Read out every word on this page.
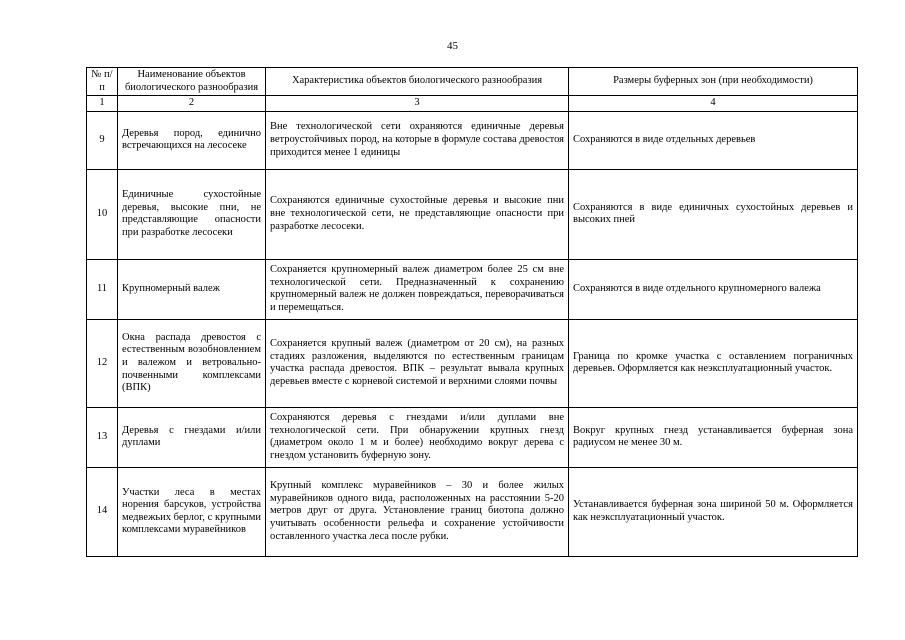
45
№ п/п	Наименование объектов биологического разнообразия	Характеристика объектов биологического разнообразия	Размеры буферных зон (при необходимости)
1	2	3	4
9	Деревья пород, единично встречающихся на лесосеке	Вне технологической сети охраняются единичные деревья ветроустойчивых пород, на которые в формуле состава древостоя приходится менее 1 единицы	Сохраняются в виде отдельных деревьев
10	Единичные сухостойные деревья, высокие пни, не представляющие опасности при разработке лесосеки	Сохраняются единичные сухостойные деревья и высокие пни вне технологической сети, не представляющие опасности при разработке лесосеки.	Сохраняются в виде единичных сухостойных деревьев и высоких пней
11	Крупномерный валеж	Сохраняется крупномерный валеж диаметром более 25 см вне технологической сети. Предназначенный к сохранению крупномерный валеж не должен повреждаться, переворачиваться и перемещаться.	Сохраняются в виде отдельного крупномерного валежа
12	Окна распада древостоя с естественным возобновлением и валежом и ветровально-почвенными комплексами (ВПК)	Сохраняется крупный валеж (диаметром от 20 см), на разных стадиях разложения, выделяются по естественным границам участка распада древостоя. ВПК – результат вывала крупных деревьев вместе с корневой системой и верхними слоями почвы	Граница по кромке участка с оставлением пограничных деревьев. Оформляется как неэксплуатационный участок.
13	Деревья с гнездами и/или дуплами	Сохраняются деревья с гнездами и/или дуплами вне технологической сети. При обнаружении крупных гнезд (диаметром около 1 м и более) необходимо вокруг дерева с гнездом установить буферную зону.	Вокруг крупных гнезд устанавливается буферная зона радиусом не менее 30 м.
14	Участки леса в местах норения барсуков, устройства медвежьих берлог, с крупными комплексами муравейников	Крупный комплекс муравейников – 30 и более жилых муравейников одного вида, расположенных на расстоянии 5-20 метров друг от друга. Установление границ биотопа должно учитывать особенности рельефа и сохранение устойчивости оставленного участка леса после рубки.	Устанавливается буферная зона шириной 50 м. Оформляется как неэксплуатационный участок.
